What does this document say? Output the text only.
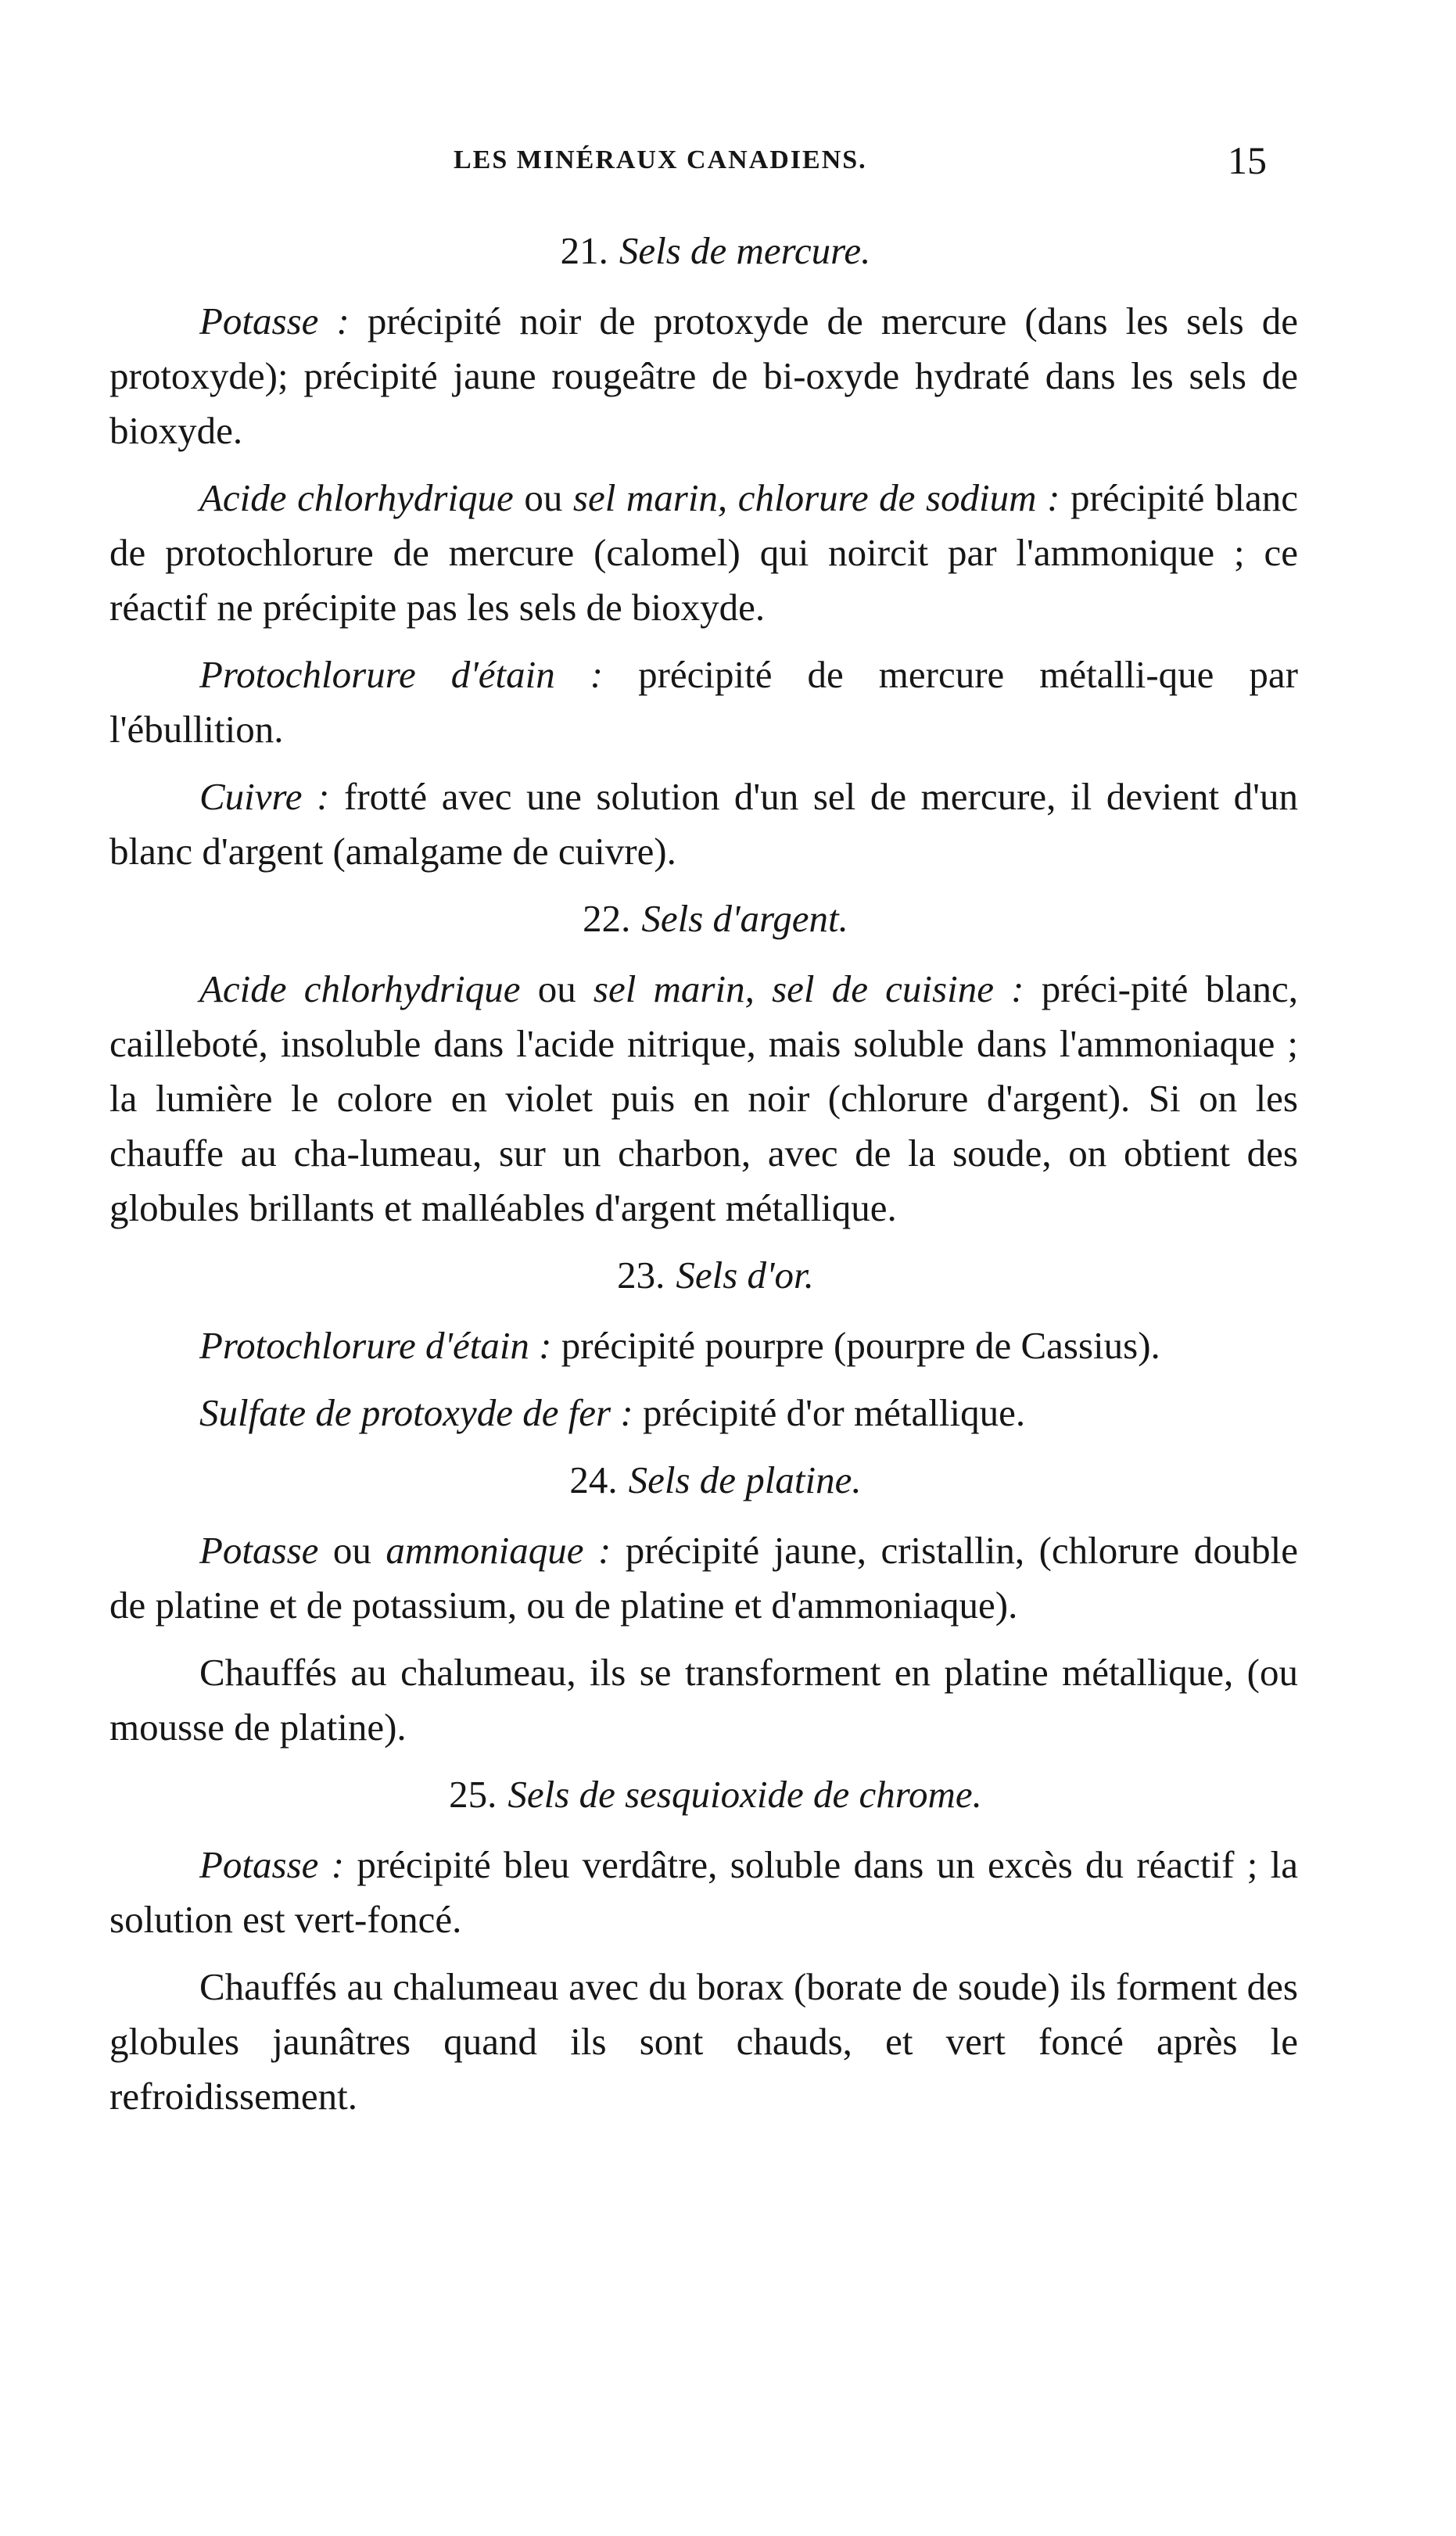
LES MINÉRAUX CANADIENS.	15
21. Sels de mercure.

Potasse : précipité noir de protoxyde de mercure (dans les sels de protoxyde); précipité jaune rougeâtre de bi-oxyde hydraté dans les sels de bioxyde.

Acide chlorhydrique ou sel marin, chlorure de sodium : précipité blanc de protochlorure de mercure (calomel) qui noircit par l'ammonique ; ce réactif ne précipite pas les sels de bioxyde.

Protochlorure d'étain : précipité de mercure métalli-que par l'ébullition.

Cuivre : frotté avec une solution d'un sel de mercure, il devient d'un blanc d'argent (amalgame de cuivre).

22. Sels d'argent.

Acide chlorhydrique ou sel marin, sel de cuisine : préci-pité blanc, caillebοté, insoluble dans l'acide nitrique, mais soluble dans l'ammoniaque ; la lumière le colore en violet puis en noir (chlorure d'argent). Si on les chauffe au cha-lumeau, sur un charbon, avec de la soude, on obtient des globules brillants et malléables d'argent métallique.

23. Sels d'or.

Protochlorure d'étain : précipité pourpre (pourpre de Cassius).

Sulfate de protoxyde de fer : précipité d'or métallique.

24. Sels de platine.

Potasse ou ammoniaque : précipité jaune, cristallin, (chlorure double de platine et de potassium, ou de platine et d'ammoniaque).

Chauffés au chalumeau, ils se transforment en platine métallique, (ou mousse de platine).

25. Sels de sesquioxide de chrome.

Potasse : précipité bleu verdâtre, soluble dans un excès du réactif ; la solution est vert-foncé.

Chauffés au chalumeau avec du borax (borate de soude) ils forment des globules jaunâtres quand ils sont chauds, et vert foncé après le refroidissement.
